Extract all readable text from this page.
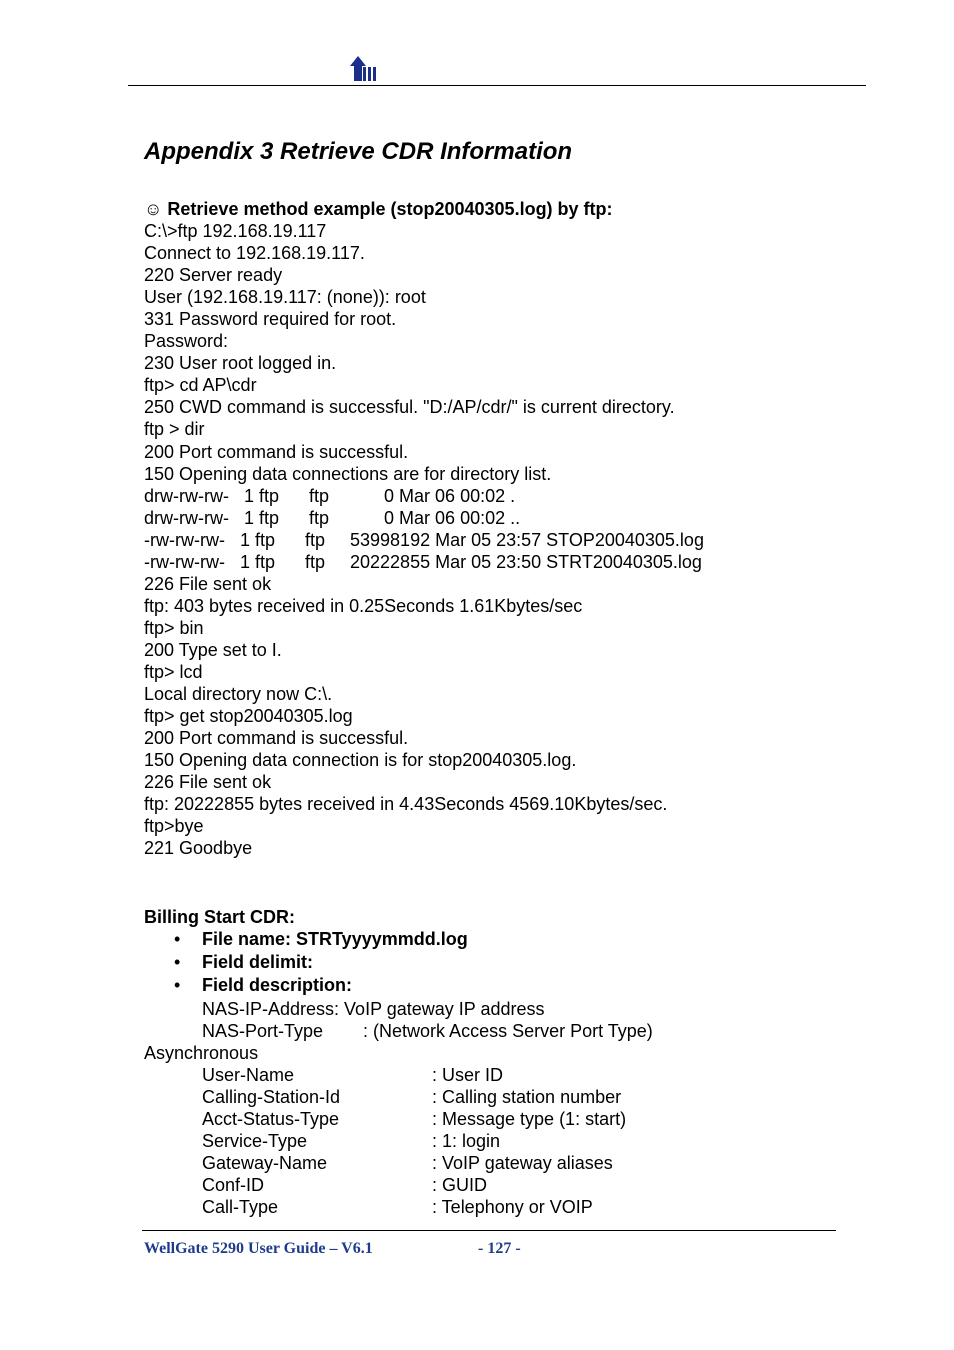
Appendix 3 Retrieve CDR Information
☺ Retrieve method example (stop20040305.log) by ftp:
C:\>ftp 192.168.19.117
Connect to 192.168.19.117.
220 Server ready
User (192.168.19.117: (none)): root
331 Password required for root.
Password:
230 User root logged in.
ftp> cd AP\cdr
250 CWD command is successful. "D:/AP/cdr/" is current directory.
ftp > dir
200 Port command is successful.
150 Opening data connections are for directory list.
drw-rw-rw-   1 ftp      ftp           0 Mar 06 00:02 .
drw-rw-rw-   1 ftp      ftp           0 Mar 06 00:02 ..
-rw-rw-rw-   1 ftp      ftp     53998192 Mar 05 23:57 STOP20040305.log
-rw-rw-rw-   1 ftp      ftp     20222855 Mar 05 23:50 STRT20040305.log
226 File sent ok
ftp: 403 bytes received in 0.25Seconds 1.61Kbytes/sec
ftp> bin
200 Type set to I.
ftp> lcd
Local directory now C:\.
ftp> get stop20040305.log
200 Port command is successful.
150 Opening data connection is for stop20040305.log.
226 File sent ok
ftp: 20222855 bytes received in 4.43Seconds 4569.10Kbytes/sec.
ftp>bye
221 Goodbye
Billing Start CDR:
• File name: STRTyyyymmdd.log
• Field delimit:
• Field description:
NAS-IP-Address: VoIP gateway IP address
NAS-Port-Type        : (Network Access Server Port Type)
Asynchronous
User-Name	: User ID
Calling-Station-Id	: Calling station number
Acct-Status-Type	: Message type (1: start)
Service-Type	: 1: login
Gateway-Name	: VoIP gateway aliases
Conf-ID	: GUID
Call-Type	: Telephony or VOIP
WellGate 5290 User Guide – V6.1	- 127 -
